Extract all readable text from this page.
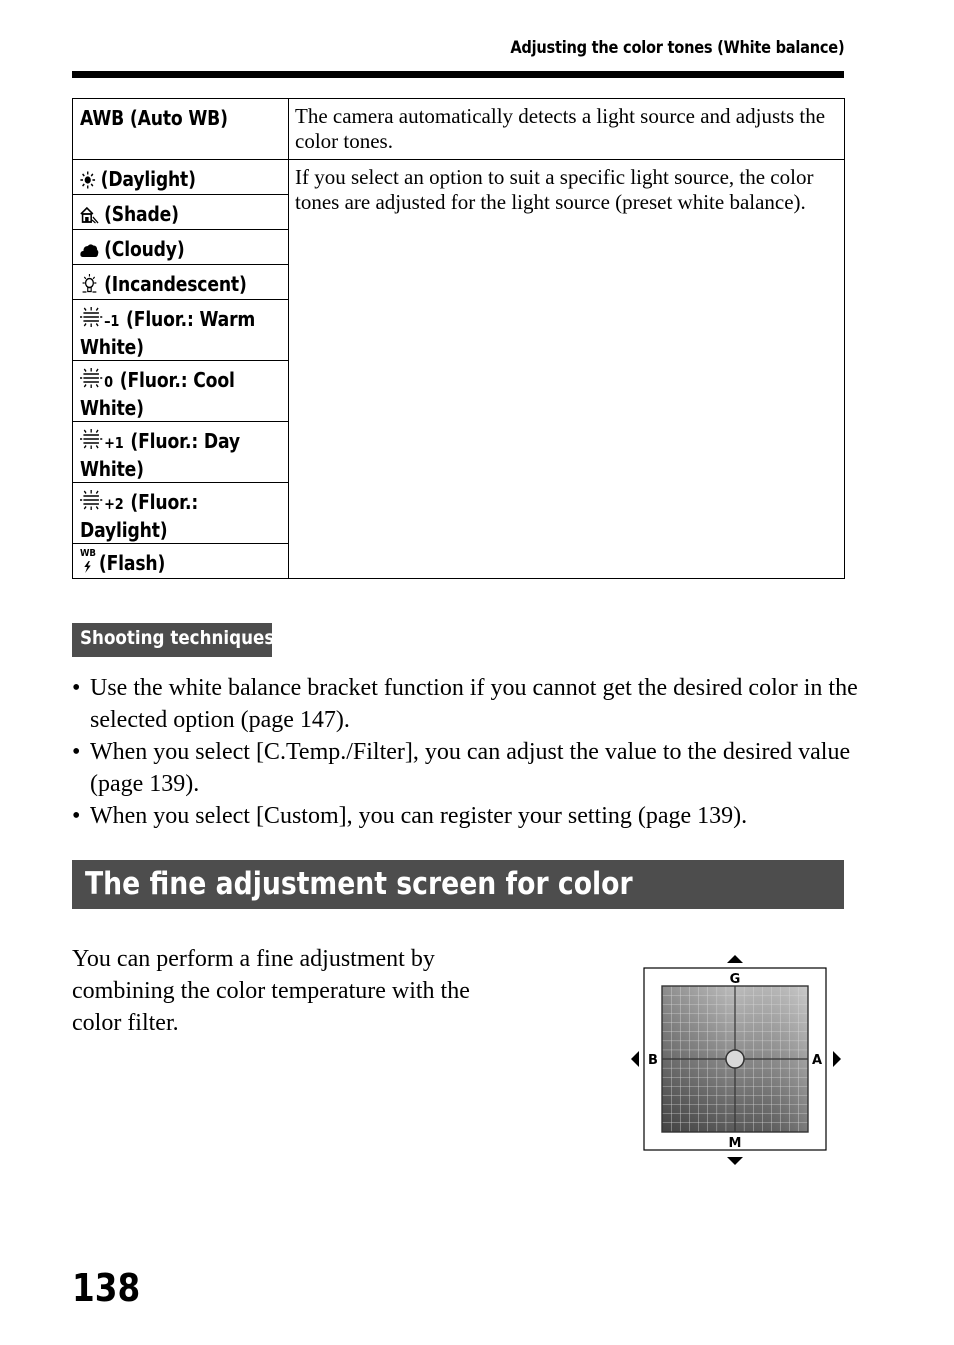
Adjusting the color tones (White balance)
AWB (Auto WB)	The camera automatically detects a light source and adjusts the color tones.

(Daylight)	If you select an option to suit a specific light source, the color tones are adjusted for the light source (preset white balance).

(Shade)	

(Cloudy)	

(Incandescent)	

–1 (Fluor.: Warm White)	

0 (Fluor.: Cool White)	

+1 (Fluor.: Day White)	

+2 (Fluor.: Daylight)	

WB (Flash)	
Shooting techniques
• Use the white balance bracket function if you cannot get the desired color in the selected option (page 147).
• When you select [C.Temp./Filter], you can adjust the value to the desired value (page 139).
• When you select [Custom], you can register your setting (page 139).
The fine adjustment screen for color

You can perform a fine adjustment by combining the color temperature with the color filter.

G
M
B	A
138
